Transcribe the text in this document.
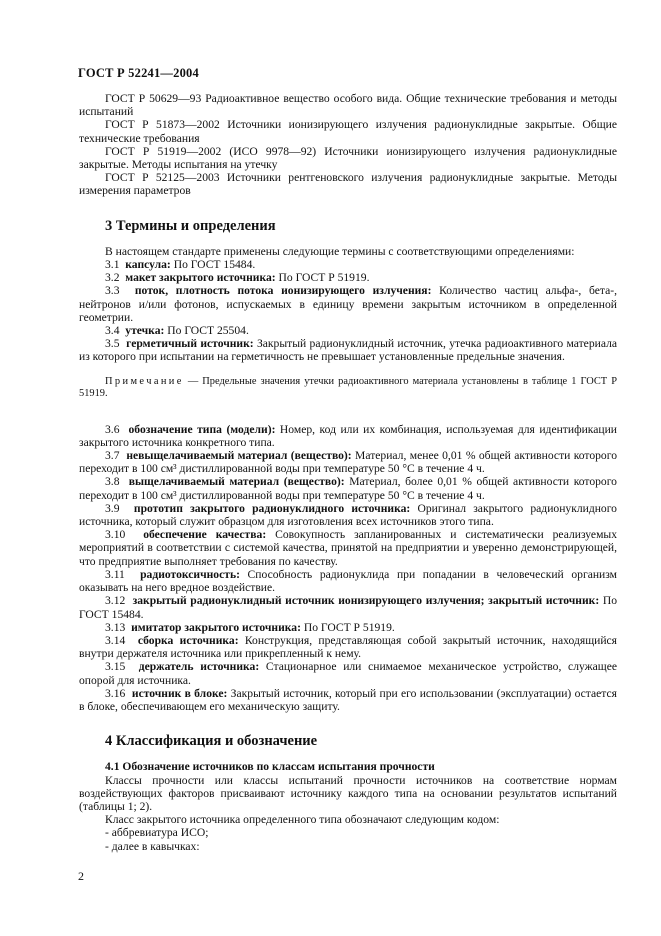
ГОСТ Р 52241—2004

ГОСТ Р 50629—93 Радиоактивное вещество особого вида. Общие технические требования и методы испытаний

ГОСТ Р 51873—2002 Источники ионизирующего излучения радионуклидные закрытые. Общие технические требования

ГОСТ Р 51919—2002 (ИСО 9978—92) Источники ионизирующего излучения радионуклидные закрытые. Методы испытания на утечку

ГОСТ Р 52125—2003 Источники рентгеновского излучения радионуклидные закрытые. Методы измерения параметров

3 Термины и определения

В настоящем стандарте применены следующие термины с соответствующими определениями:

3.1 капсула: По ГОСТ 15484.

3.2 макет закрытого источника: По ГОСТ Р 51919.

3.3 поток, плотность потока ионизирующего излучения: Количество частиц альфа-, бета-, нейтронов и/или фотонов, испускаемых в единицу времени закрытым источником в определенной геометрии.

3.4 утечка: По ГОСТ 25504.

3.5 герметичный источник: Закрытый радионуклидный источник, утечка радиоактивного материала из которого при испытании на герметичность не превышает установленные предельные значения.

Примечание — Предельные значения утечки радиоактивного материала установлены в таблице 1 ГОСТ Р 51919.

3.6 обозначение типа (модели): Номер, код или их комбинация, используемая для идентификации закрытого источника конкретного типа.

3.7 невыщелачиваемый материал (вещество): Материал, менее 0,01 % общей активности которого переходит в 100 см³ дистиллированной воды при температуре 50 °С в течение 4 ч.

3.8 выщелачиваемый материал (вещество): Материал, более 0,01 % общей активности которого переходит в 100 см³ дистиллированной воды при температуре 50 °С в течение 4 ч.

3.9 прототип закрытого радионуклидного источника: Оригинал закрытого радионуклидного источника, который служит образцом для изготовления всех источников этого типа.

3.10 обеспечение качества: Совокупность запланированных и систематически реализуемых мероприятий в соответствии с системой качества, принятой на предприятии и уверенно демонстрирующей, что предприятие выполняет требования по качеству.

3.11 радиотоксичность: Способность радионуклида при попадании в человеческий организм оказывать на него вредное воздействие.

3.12 закрытый радионуклидный источник ионизирующего излучения; закрытый источник: По ГОСТ 15484.

3.13 имитатор закрытого источника: По ГОСТ Р 51919.

3.14 сборка источника: Конструкция, представляющая собой закрытый источник, находящийся внутри держателя источника или прикрепленный к нему.

3.15 держатель источника: Стационарное или снимаемое механическое устройство, служащее опорой для источника.

3.16 источник в блоке: Закрытый источник, который при его использовании (эксплуатации) остается в блоке, обеспечивающем его механическую защиту.

4 Классификация и обозначение

4.1 Обозначение источников по классам испытания прочности

Классы прочности или классы испытаний прочности источников на соответствие нормам воздействующих факторов присваивают источнику каждого типа на основании результатов испытаний (таблицы 1; 2).

Класс закрытого источника определенного типа обозначают следующим кодом:

- аббревиатура ИСО;

- далее в кавычках:

2
